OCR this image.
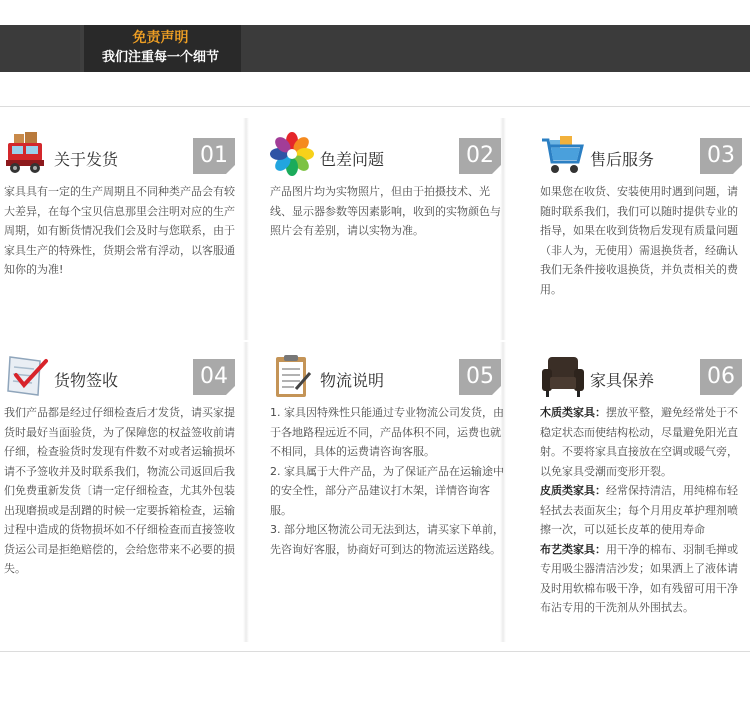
免责声明
我们注重每一个细节
关于发货	01

家具具有一定的生产周期且不同种类产品会有较大差异，在每个宝贝信息那里会注明对应的生产周期，如有断货情况我们会及时与您联系，由于家具生产的特殊性，货期会常有浮动，以客服通知你的为准!

色差问题	02

产品图片均为实物照片，但由于拍摄技术、光线、显示器参数等因素影响，收到的实物颜色与照片会有差别，请以实物为准。

售后服务	03

如果您在收货、安装使用时遇到问题，请随时联系我们，我们可以随时提供专业的指导，如果在收到货物后发现有质量问题（非人为，无使用）需退换货者，经确认我们无条件接收退换货，并负责相关的费用。

货物签收	04

我们产品都是经过仔细检查后才发货，请买家提货时最好当面验货，为了保障您的权益签收前请仔细，检查验货时发现有件数不对或者运输损坏请不予签收并及时联系我们，物流公司返回后我们免费重新发货〔请一定仔细检查，尤其外包装出现磨损或是刮蹭的时候一定要拆箱检查，运输过程中造成的货物损坏如不仔细检查而直接签收货运公司是拒绝赔偿的，会给您带来不必要的损失。

物流说明	05

1. 家具因特殊性只能通过专业物流公司发货，由于各地路程远近不同，产品体积不同，运费也就不相同，具体的运费请咨询客服。

2. 家具属于大件产品，为了保证产品在运输途中的安全性，部分产品建议打木架，详情咨询客服。

3. 部分地区物流公司无法到达，请买家下单前，先咨询好客服，协商好可到达的物流运送路线。

家具保养	06

木质类家具：摆放平整，避免经常处于不稳定状态而使结构松动，尽量避免阳光直射。不要将家具直接放在空调或暖气旁，以免家具受潮而变形开裂。

皮质类家具：经常保持清洁，用纯棉布轻轻拭去表面灰尘；每个月用皮革护理剂喷擦一次，可以延长皮革的使用寿命

布艺类家具：用干净的棉布、羽制毛掸或专用吸尘器清洁沙发；如果洒上了液体请及时用软棉布吸干净，如有残留可用干净布沾专用的干洗剂从外围拭去。
